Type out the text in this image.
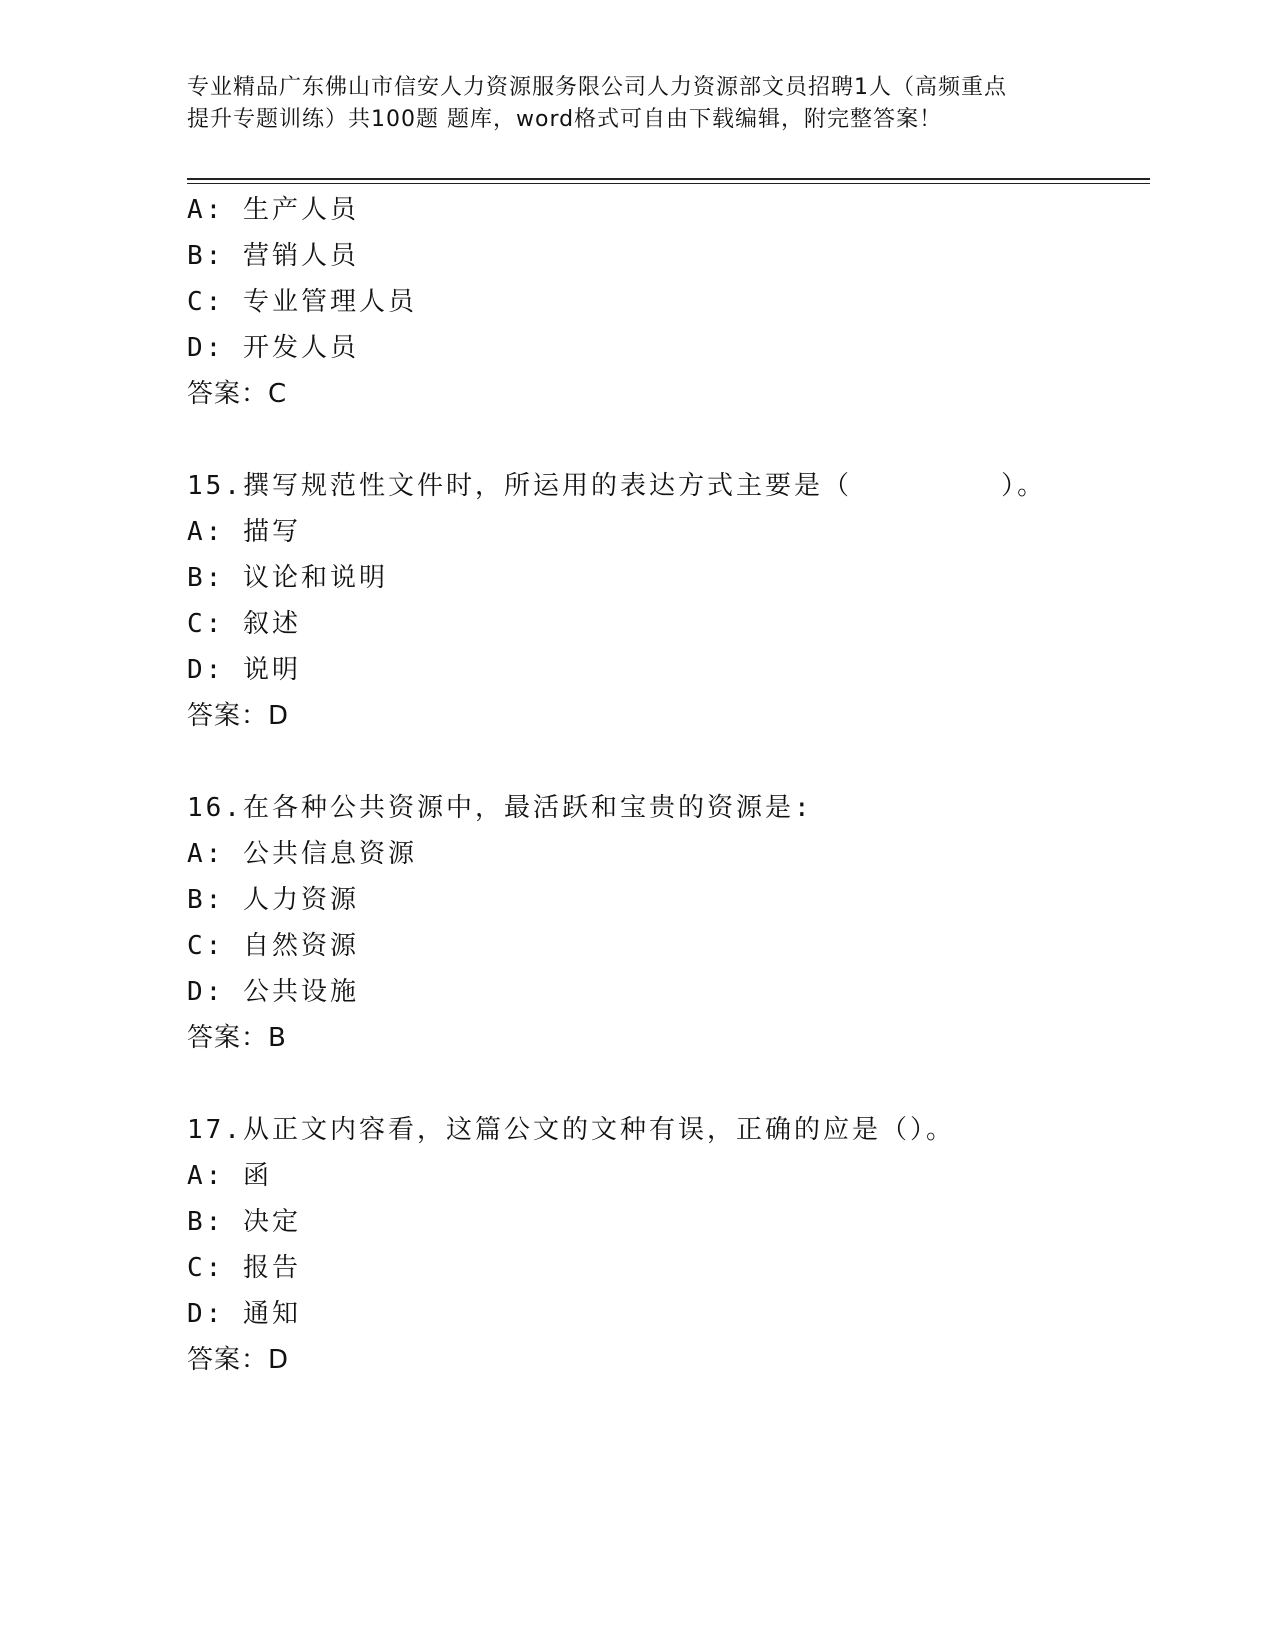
专业精品广东佛山市信安人力资源服务限公司人力资源部文员招聘1人（高频重点
提升专题训练）共100题 题库，word格式可自由下载编辑，附完整答案！
A: 生产人员
B: 营销人员
C: 专业管理人员
D: 开发人员
答案：C
15.撰写规范性文件时，所运用的表达方式主要是（        ）。
A: 描写
B: 议论和说明
C: 叙述
D: 说明
答案：D
16.在各种公共资源中，最活跃和宝贵的资源是:
A: 公共信息资源
B: 人力资源
C: 自然资源
D: 公共设施
答案：B
17.从正文内容看，这篇公文的文种有误，正确的应是（）。
A: 函
B: 决定
C: 报告
D: 通知
答案：D
